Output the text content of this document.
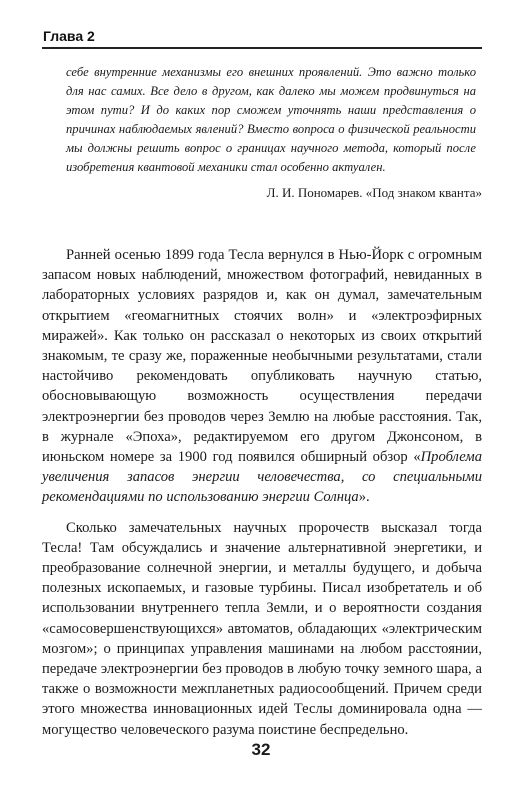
Глава 2

себе внутренние механизмы его внешних проявлений. Это важно только для нас самих. Все дело в другом, как далеко мы можем продвинуться на этом пути? И до каких пор сможем уточнять наши представления о причинах наблюдаемых явлений? Вместо вопроса о физической реальности мы должны решить вопрос о границах научного метода, который после изобретения квантовой механики стал особенно актуален.

Л. И. Пономарев. «Под знаком кванта»

Ранней осенью 1899 года Тесла вернулся в Нью-Йорк с огромным запасом новых наблюдений, множеством фотографий, невиданных в лабораторных условиях разрядов и, как он думал, замечательным открытием «геомагнитных стоячих волн» и «электроэфирных миражей». Как только он рассказал о некоторых из своих открытий знакомым, те сразу же, пораженные необычными результатами, стали настойчиво рекомендовать опубликовать научную статью, обосновывающую возможность осуществления передачи электроэнергии без проводов через Землю на любые расстояния. Так, в журнале «Эпоха», редактируемом его другом Джонсоном, в июньском номере за 1900 год появился обширный обзор «Проблема увеличения запасов энергии человечества, со специальными рекомендациями по использованию энергии Солнца».

Сколько замечательных научных пророчеств высказал тогда Тесла! Там обсуждались и значение альтернативной энергетики, и преобразование солнечной энергии, и металлы будущего, и добыча полезных ископаемых, и газовые турбины. Писал изобретатель и об использовании внутреннего тепла Земли, и о вероятности создания «самосовершенствующихся» автоматов, обладающих «электрическим мозгом»; о принципах управления машинами на любом расстоянии, передаче электроэнергии без проводов в любую точку земного шара, а также о возможности межпланетных радиосообщений. Причем среди этого множества инновационных идей Теслы доминировала одна — могущество человеческого разума поистине беспредельно.

32
